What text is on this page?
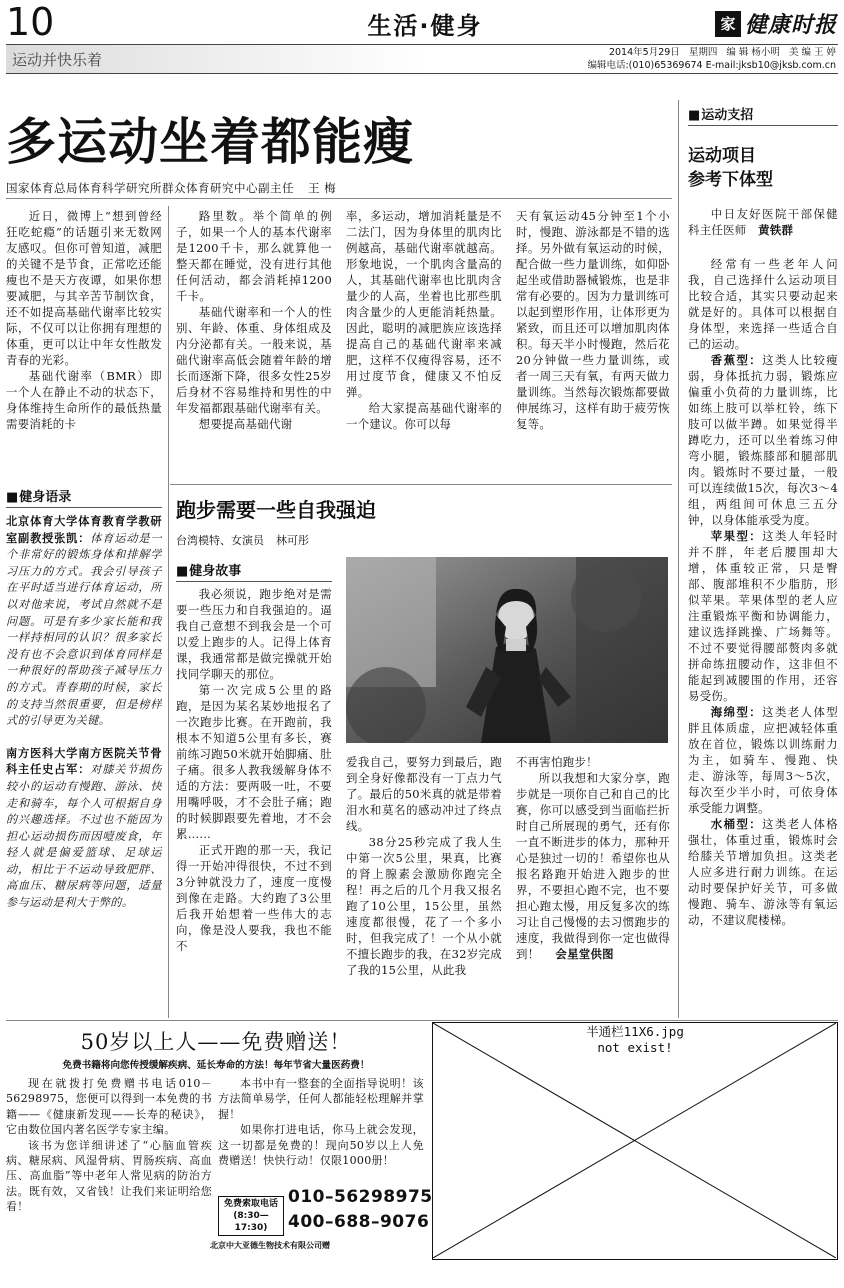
10	生活·健身	家 健康时报
运动并快乐着	2014年5月29日 星期四 编 辑 杨小明 美 编 王 婷
编辑电话:(010)65369674 E-mail:jksb10@jksb.com.cn
多运动坐着都能瘦
国家体育总局体育科学研究所群众体育研究中心副主任 王 梅

近日，微博上“想到曾经狂吃蛇瘾”的话题引来无数网友感叹。但你可曾知道，减肥的关键不是节食，正常吃还能瘦也不是天方夜谭，如果你想要减肥，与其辛苦节制饮食，还不如提高基础代谢率比较实际，不仅可以让你拥有理想的体重，更可以让中年女性散发青春的光彩。

基础代谢率（BMR）即一个人在静止不动的状态下，身体维持生命所作的最低热量需要消耗的卡

路里数。举个简单的例子，如果一个人的基本代谢率是1200千卡，那么就算他一整天都在睡觉，没有进行其他任何活动，都会消耗掉1200千卡。

基础代谢率和一个人的性别、年龄、体重、身体组成及内分泌都有关。一般来说，基础代谢率高低会随着年龄的增长而逐渐下降，很多女性25岁后身材不容易维持和男性的中年发福都跟基础代谢率有关。

想要提高基础代谢

率，多运动，增加消耗量是不二法门，因为身体里的肌肉比例越高，基础代谢率就越高。形象地说，一个肌肉含量高的人，其基础代谢率也比肌肉含量少的人高，坐着也比那些肌肉含量少的人更能消耗热量。因此，聪明的减肥族应该选择提高自己的基础代谢率来减肥，这样不仅瘦得容易，还不用过度节食，健康又不怕反弹。

给大家提高基础代谢率的一个建议。你可以每

天有氧运动45分钟至1个小时，慢跑、游泳都是不错的选择。另外做有氧运动的时候，配合做一些力量训练，如仰卧起坐或借助器械锻炼，也是非常有必要的。因为力量训练可以起到塑形作用，让体形更为紧致，而且还可以增加肌肉体积。每天半小时慢跑，然后花20分钟做一些力量训练，或者一周三天有氧，有两天做力量训练。当然每次锻炼都要做伸展练习，这样有助于疲劳恢复等。

■ 健身语录

北京体育大学体育教育学教研室副教授张凯：体育运动是一个非常好的锻炼身体和排解学习压力的方式。我会引导孩子在平时适当进行体育运动，所以对他来说，考试自然就不是问题。可是有多少家长能和我一样持相同的认识？很多家长没有也不会意识到体育同样是一种很好的帮助孩子减导压力的方式。青春期的时候，家长的支持当然很重要，但是榜样式的引导更为关键。

南方医科大学南方医院关节骨科主任史占军：对膝关节损伤较小的运动有慢跑、游泳、快走和骑车，每个人可根据自身的兴趣选择。不过也不能因为担心运动损伤而因噎废食，年轻人就是偏爱篮球、足球运动，相比于不运动导致肥胖、高血压、糖尿病等问题，适量参与运动是利大于弊的。

跑步需要一些自我强迫
台湾模特、女演员 林可彤
■ 健身故事

我必须说，跑步绝对是需要一些压力和自我强迫的。逼我自己意想不到我会是一个可以爱上跑步的人。记得上体育课，我通常都是做完操就开始找同学聊天的那位。

第一次完成5公里的路跑，是因为某名某妙地报名了一次跑步比赛。在开跑前，我根本不知道5公里有多长，赛前练习跑50米就开始脚痛、肚子痛。很多人教我缓解身体不适的方法：要两吸一吐，不要用嘴呼吸，才不会肚子痛；跑的时候脚跟要先着地，才不会累……

正式开跑的那一天，我记得一开始冲得很快，不过不到3分钟就没力了，速度一度慢到像在走路。大约跑了3公里后我开始想着一些伟大的志向，像是没人要我，我也不能不

爱我自己，要努力到最后，跑到全身好像都没有一丁点力气了。最后的50米真的就是带着泪水和莫名的感动冲过了终点线。

38分25秒完成了我人生中第一次5公里，果真，比赛的肾上腺素会激励你跑完全程！再之后的几个月我又报名跑了10公里，15公里，虽然速度都很慢，花了一个多小时，但我完成了！一个从小就不擅长跑步的我，在32岁完成了我的15公里，从此我

不再害怕跑步！

所以我想和大家分享，跑步就是一项你自己和自己的比赛，你可以感受到当面临拦折时自己所展现的勇气，还有你一直不断进步的体力，那种开心是独过一切的！希望你也从报名路跑开始进入跑步的世界，不要担心跑不完，也不要担心跑太慢，用反复多次的练习让自己慢慢的去习惯跑步的速度，我做得到你一定也做得到！ 会星堂供图

■ 运动支招
运动项目
参考下体型

中日友好医院干部保健科主任医师　 黄铁群

经常有一些老年人问我，自己选择什么运动项目比较合适，其实只要动起来就是好的。具体可以根据自身体型，来选择一些适合自己的运动。

香蕉型：这类人比较瘦弱，身体抵抗力弱，锻炼应偏重小负荷的力量训练，比如练上肢可以举杠铃，练下肢可以做半蹲。如果觉得半蹲吃力，还可以坐着练习伸弯小腿，锻炼膝部和腿部肌肉。锻炼时不要过量，一般可以连续做15次，每次3～4组，两组间可休息三五分钟，以身体能承受为度。

苹果型：这类人年轻时并不胖，年老后腰围却大增，体重较正常，只是臀部、腹部堆积不少脂肪，形似苹果。苹果体型的老人应注重锻炼平衡和协调能力，建议选择跳操、广场舞等。不过不要觉得腰部赘肉多就拼命练扭腰动作，这非但不能起到减腰围的作用，还容易受伤。

海绵型：这类老人体型胖且体质虚，应把减轻体重放在首位，锻炼以训练耐力为主，如骑车、慢跑、快走、游泳等，每周3～5次，每次至少半小时，可依身体承受能力调整。

水桶型：这类老人体格强壮，体重过重，锻炼时会给膝关节增加负担。这类老人应多进行耐力训练。在运动时要保护好关节，可多做慢跑、骑车、游泳等有氧运动，不建议爬楼梯。

50岁以上人——免费赠送！
免费书籍将向您传授缓解疾病、延长寿命的方法！每年节省大量医药费！

现在就拨打免费赠书电话010－56298975，您便可以得到一本免费的书籍——《健康新发现——长寿的秘诀》，它由数位国内著名医学专家主编。

该书为您详细讲述了“心脑血管疾病、糖尿病、风湿骨病、胃肠疾病、高血压、高血脂”等中老年人常见病的防治方法。既有效，又省钱！让我们来证明给您看！

本书中有一整套的全面指导说明！该方法简单易学，任何人都能轻松理解并掌握！

如果你打进电话，你马上就会发现，这一切都是免费的！现向50岁以上人免费赠送！快快行动！仅限1000册！

免费索取电话
(8:30—17:30)
010–56298975
400–688–9076
北京中大亚德生物技术有限公司赠
半通栏11X6.jpg
not exist!
